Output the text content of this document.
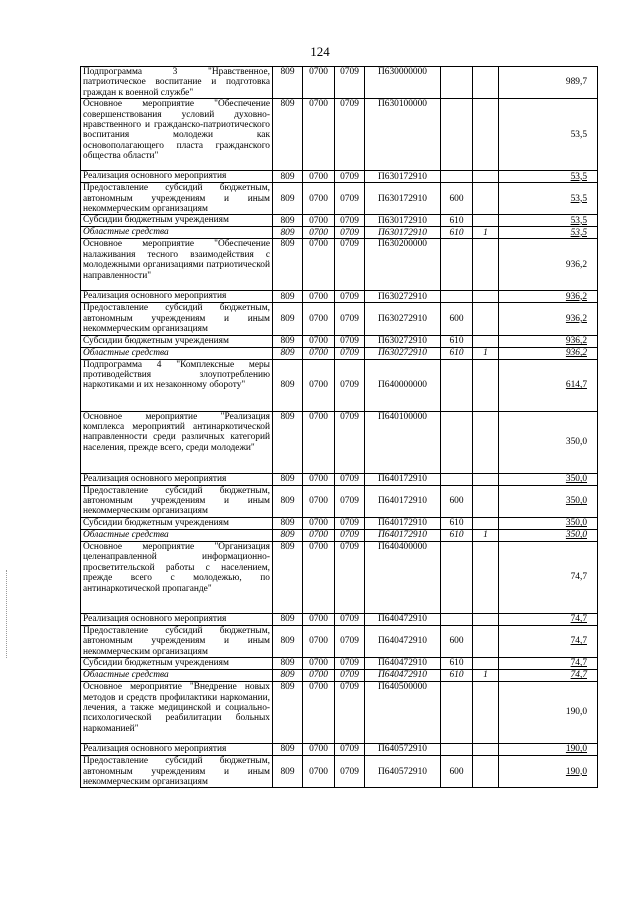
124
Подпрограмма 3 "Нравственное, патриотическое воспитание и подготовка граждан к военной службе"	809	0700	0709	П630000000			989,7
Основное мероприятие "Обеспечение совершенствования условий духовно-нравственного и гражданско-патриотического воспитания молодежи как основополагающего пласта гражданского общества области"	809	0700	0709	П630100000			53,5
Реализация основного мероприятия	809	0700	0709	П630172910			53,5
Предоставление субсидий бюджетным, автономным учреждениям и иным некоммерческим организациям	809	0700	0709	П630172910	600		53,5
Субсидии бюджетным учреждениям	809	0700	0709	П630172910	610		53,5
Областные средства	809	0700	0709	П630172910	610	1	53,5
Основное мероприятие "Обеспечение налаживания тесного взаимодействия с молодежными организациями патриотической направленности"	809	0700	0709	П630200000			936,2
Реализация основного мероприятия	809	0700	0709	П630272910			936,2
Предоставление субсидий бюджетным, автономным учреждениям и иным некоммерческим организациям	809	0700	0709	П630272910	600		936,2
Субсидии бюджетным учреждениям	809	0700	0709	П630272910	610		936,2
Областные средства	809	0700	0709	П630272910	610	1	936,2
Подпрограмма 4 "Комплексные меры противодействия злоупотреблению наркотиками и их незаконному обороту"	809	0700	0709	П640000000			614,7
Основное мероприятие "Реализация комплекса мероприятий антинаркотической направленности среди различных категорий населения, прежде всего, среди молодежи"	809	0700	0709	П640100000			350,0
Реализация основного мероприятия	809	0700	0709	П640172910			350,0
Предоставление субсидий бюджетным, автономным учреждениям и иным некоммерческим организациям	809	0700	0709	П640172910	600		350,0
Субсидии бюджетным учреждениям	809	0700	0709	П640172910	610		350,0
Областные средства	809	0700	0709	П640172910	610	1	350,0
Основное мероприятие "Организация целенаправленной информационно-просветительской работы с населением, прежде всего с молодежью, по антинаркотической пропаганде"	809	0700	0709	П640400000			74,7
Реализация основного мероприятия	809	0700	0709	П640472910			74,7
Предоставление субсидий бюджетным, автономным учреждениям и иным некоммерческим организациям	809	0700	0709	П640472910	600		74,7
Субсидии бюджетным учреждениям	809	0700	0709	П640472910	610		74,7
Областные средства	809	0700	0709	П640472910	610	1	74,7
Основное мероприятие "Внедрение новых методов и средств профилактики наркомании, лечения, а также медицинской и социально-психологической реабилитации больных наркоманией"	809	0700	0709	П640500000			190,0
Реализация основного мероприятия	809	0700	0709	П640572910			190,0
Предоставление субсидий бюджетным, автономным учреждениям и иным некоммерческим организациям	809	0700	0709	П640572910	600		190,0
